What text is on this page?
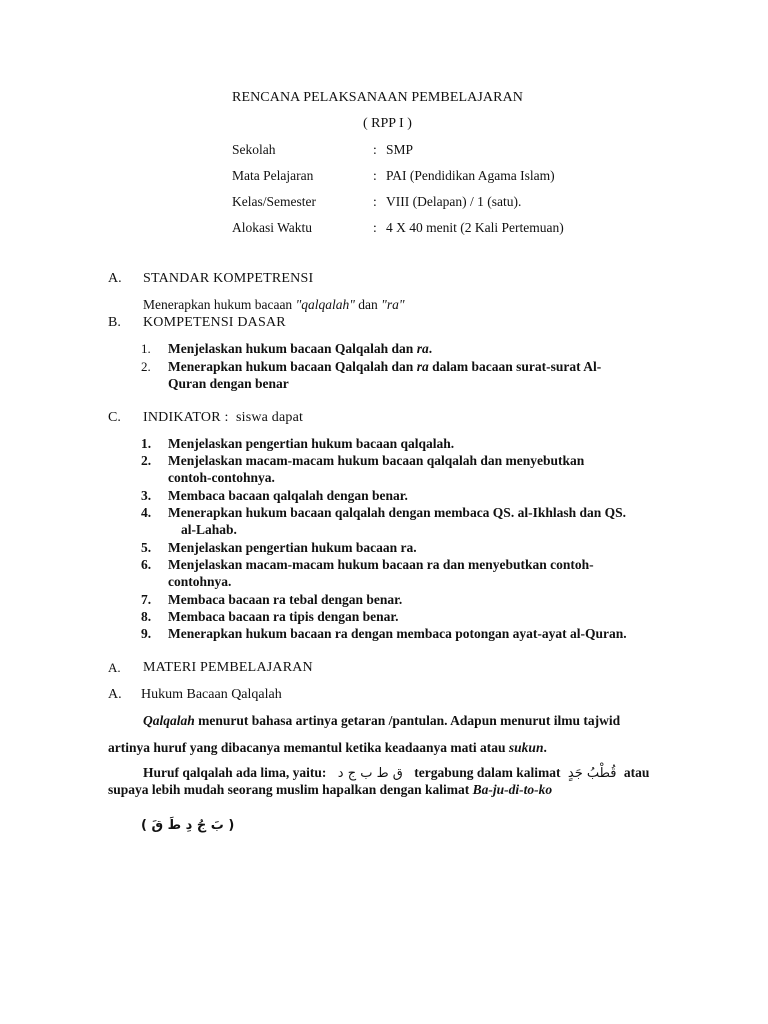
RENCANA PELAKSANAAN PEMBELAJARAN
( RPP I )
Sekolah	: SMP
Mata Pelajaran	: PAI (Pendidikan Agama Islam)
Kelas/Semester	: VIII (Delapan) / 1 (satu).
Alokasi Waktu	: 4 X 40 menit (2 Kali Pertemuan)
A. STANDAR KOMPETRENSI
Menerapkan hukum bacaan "qalqalah" dan "ra"
B. KOMPETENSI DASAR
1. Menjelaskan hukum bacaan Qalqalah dan ra.
2. Menerapkan hukum bacaan Qalqalah dan ra dalam bacaan surat-surat Al-
Quran dengan benar
C. INDIKATOR :  siswa dapat
1. Menjelaskan pengertian hukum bacaan qalqalah.
2. Menjelaskan macam-macam hukum bacaan qalqalah dan menyebutkan
contoh-contohnya.
3. Membaca bacaan qalqalah dengan benar.
4. Menerapkan hukum bacaan qalqalah dengan membaca QS. al-Ikhlash dan QS.
al-Lahab.
5. Menjelaskan pengertian hukum bacaan ra.
6. Menjelaskan macam-macam hukum bacaan ra dan menyebutkan contoh-
contohnya.
7. Membaca bacaan ra tebal dengan benar.
8. Membaca bacaan ra tipis dengan benar.
9. Menerapkan hukum bacaan ra dengan membaca potongan ayat-ayat al-Quran.
A. MATERI PEMBELAJARAN
A. Hukum Bacaan Qalqalah
Qalqalah menurut bahasa artinya getaran /pantulan. Adapun menurut ilmu tajwid
artinya huruf yang dibacanya memantul ketika keadaanya mati atau sukun.
Huruf qalqalah ada lima, yaitu: ق ط ب ج د tergabung dalam kalimat قُطْبُ جَدٍ atau
supaya lebih mudah seorang muslim hapalkan dengan kalimat Ba-ju-di-to-ko
( بَ جُ دِ طَ قَ )
